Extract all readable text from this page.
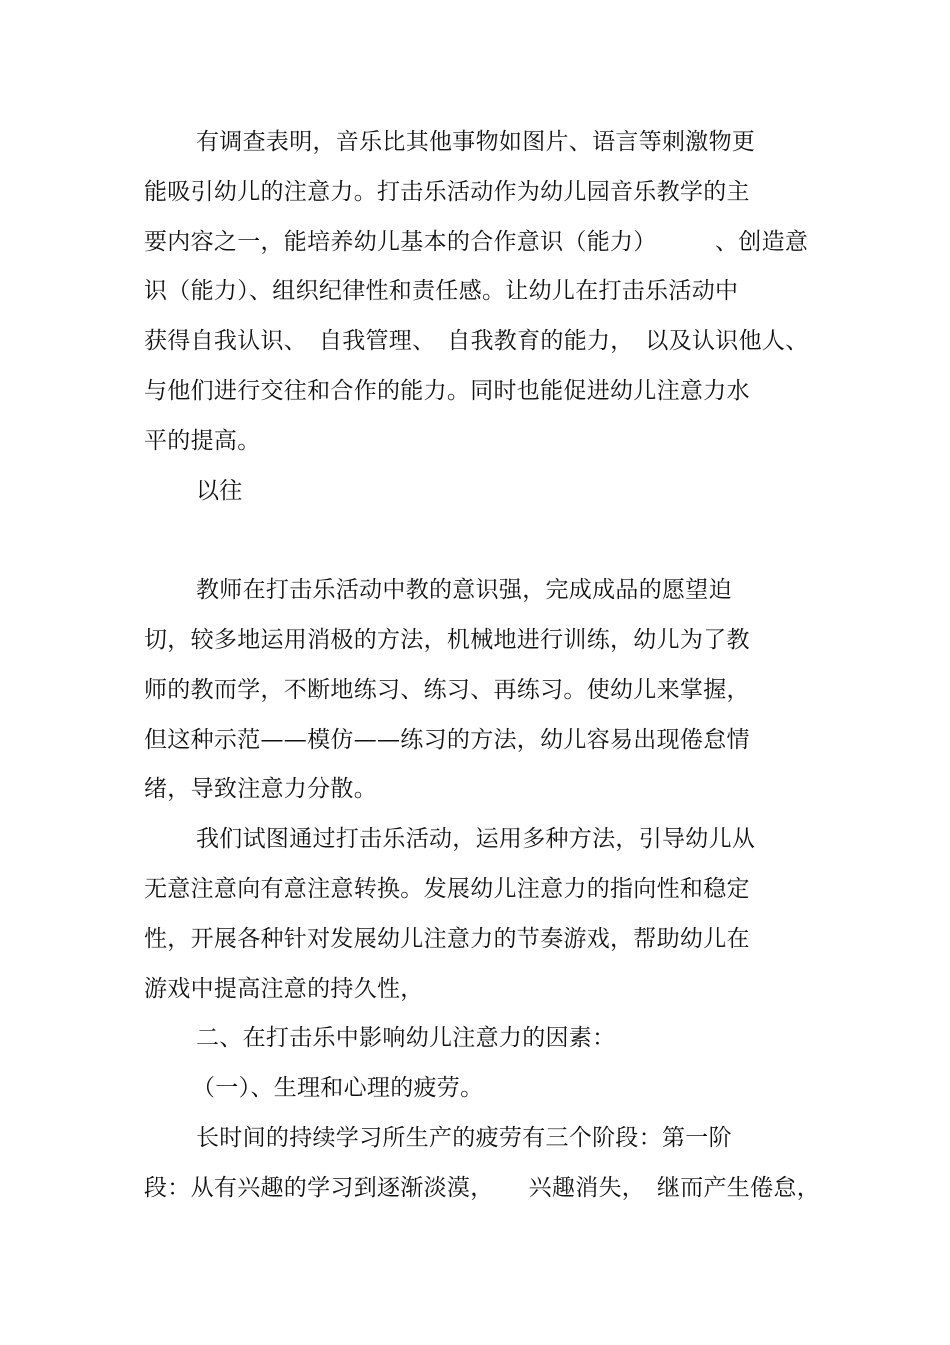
有调查表明，音乐比其他事物如图片、语言等刺激物更
能吸引幼儿的注意力。打击乐活动作为幼儿园音乐教学的主
要内容之一，能培养幼儿基本的合作意识（能力）　　　、创造意
识（能力）、组织纪律性和责任感。让幼儿在打击乐活动中
获得自我认识、　自我管理、　自我教育的能力，　以及认识他人、
与他们进行交往和合作的能力。同时也能促进幼儿注意力水
平的提高。
以往
教师在打击乐活动中教的意识强，完成成品的愿望迫
切，较多地运用消极的方法，机械地进行训练，幼儿为了教
师的教而学，不断地练习、练习、再练习。使幼儿来掌握，
但这种示范——模仿——练习的方法，幼儿容易出现倦怠情
绪，导致注意力分散。
我们试图通过打击乐活动，运用多种方法，引导幼儿从
无意注意向有意注意转换。发展幼儿注意力的指向性和稳定
性，开展各种针对发展幼儿注意力的节奏游戏，帮助幼儿在
游戏中提高注意的持久性，
二、在打击乐中影响幼儿注意力的因素：
（一）、生理和心理的疲劳。
长时间的持续学习所生产的疲劳有三个阶段：第一阶
段：从有兴趣的学习到逐渐淡漠，　　兴趣消失，　继而产生倦怠，
